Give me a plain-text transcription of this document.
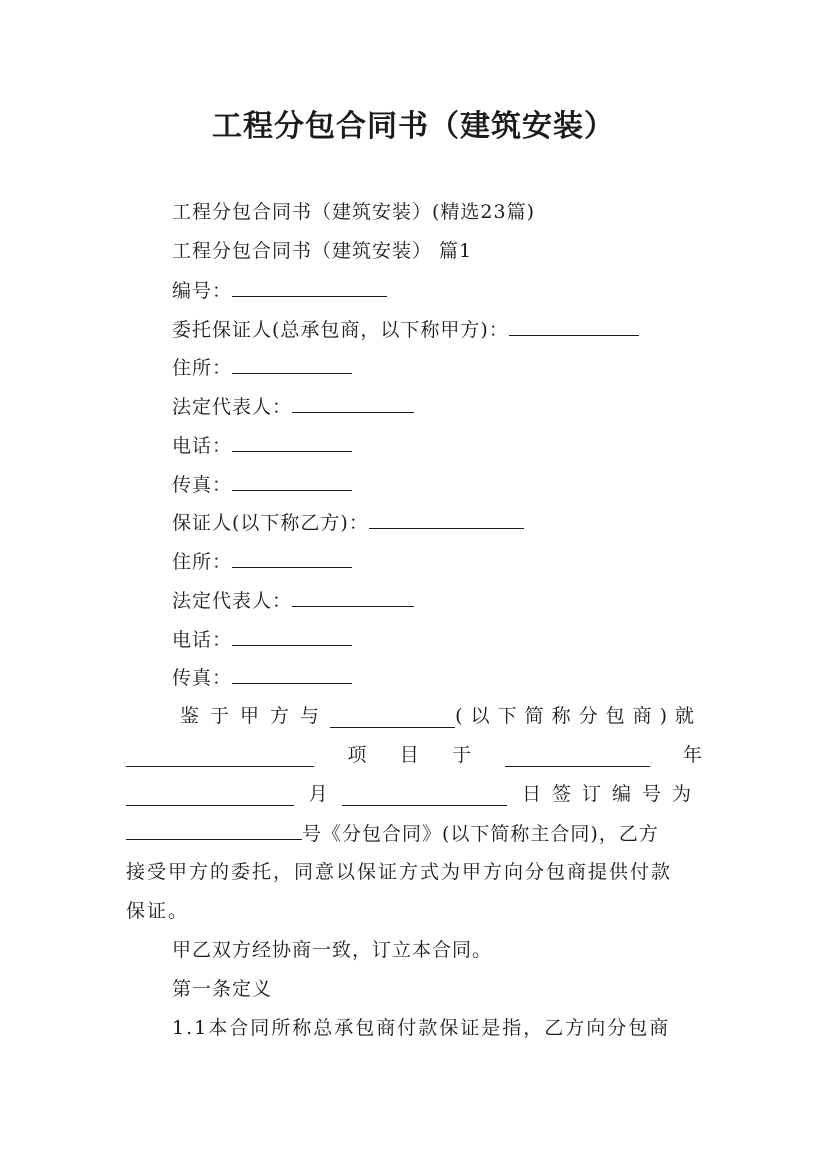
工程分包合同书（建筑安装）
工程分包合同书（建筑安装）(精选23篇)
工程分包合同书（建筑安装） 篇1
编号：
委托保证人(总承包商，以下称甲方)：
住所：
法定代表人：
电话：
传真：
保证人(以下称乙方)：
住所：
法定代表人：
电话：
传真：
鉴于甲方与	(以下简称分包商)就
项 目 于	年
月	日签订编号为
号《分包合同》(以下简称主合同)，乙方
接受甲方的委托，同意以保证方式为甲方向分包商提供付款
保证。
甲乙双方经协商一致，订立本合同。
第一条定义
1.1本合同所称总承包商付款保证是指，乙方向分包商
